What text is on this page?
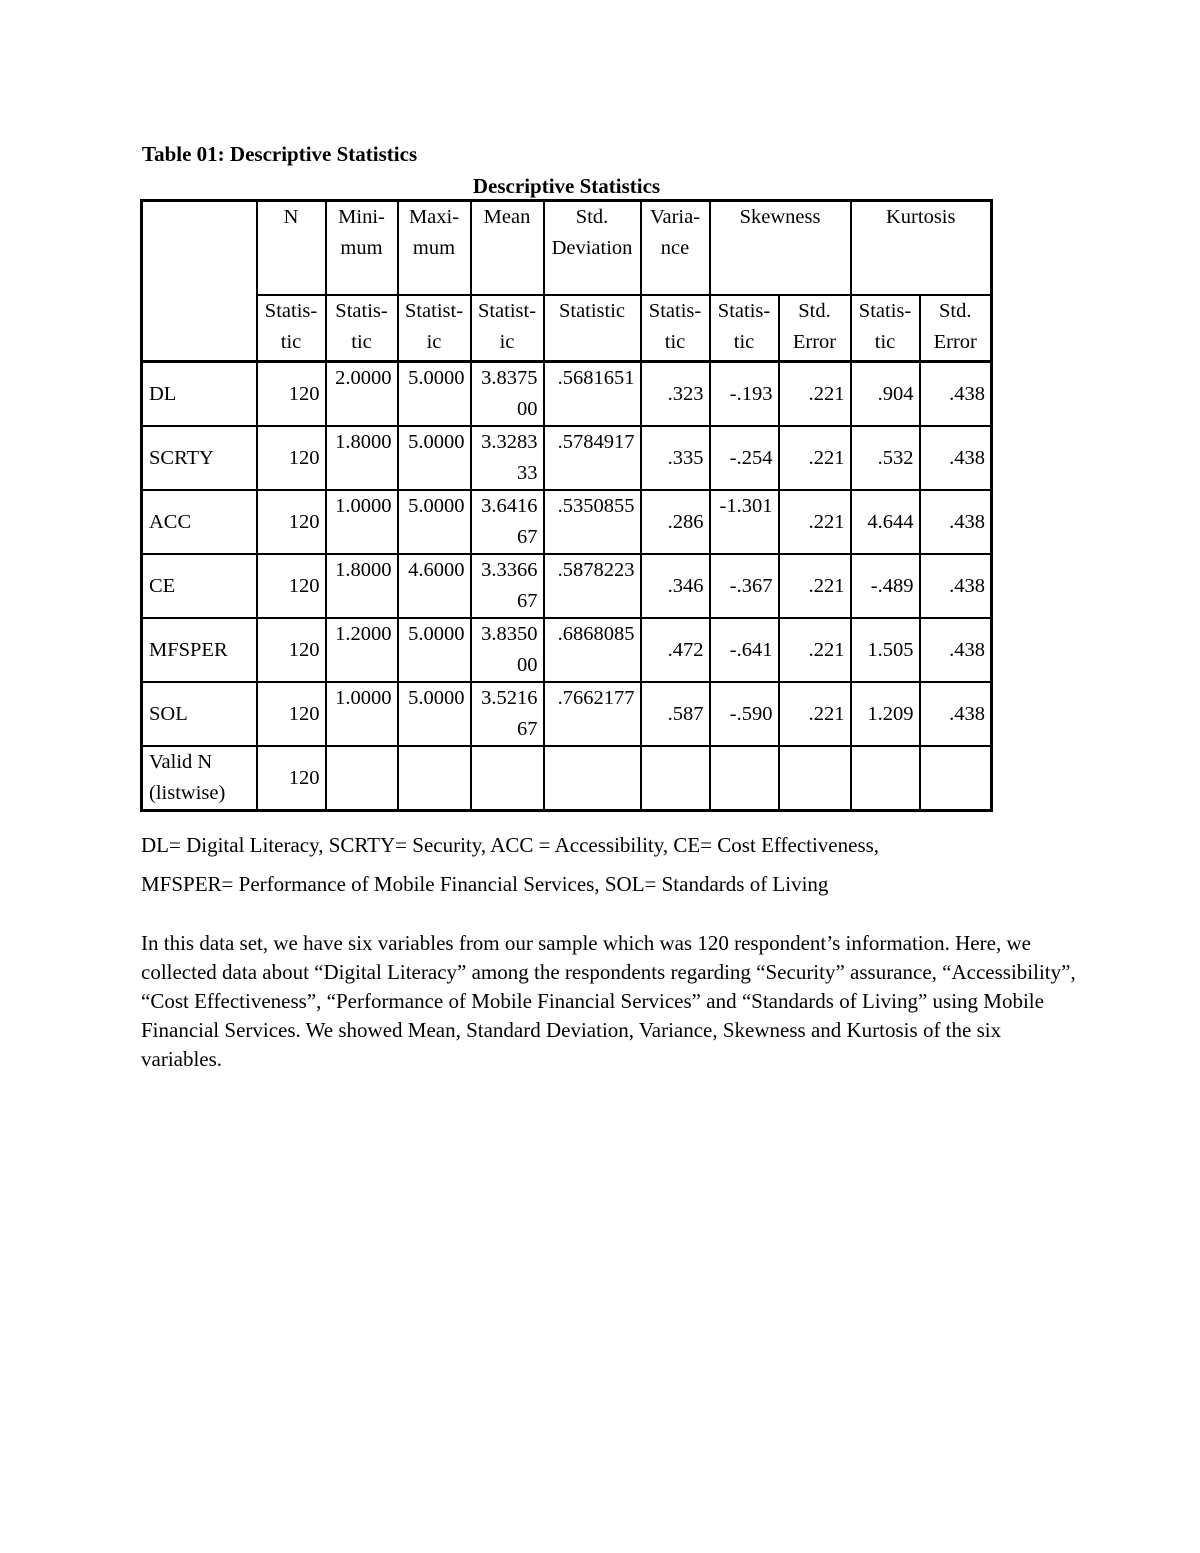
Table 01: Descriptive Statistics
Descriptive Statistics
	N	Minimum	Maximum	Mean	Std. Deviation	Variance	Skewness		Kurtosis	
	Statistic	Statistic	Statistic	Statistic	Statistic	Statistic	Statistic	Std. Error	Statistic	Std. Error
DL	120	2.0000	5.0000	3.837500	.5681651	.323	-.193	.221	.904	.438
SCRTY	120	1.8000	5.0000	3.328333	.5784917	.335	-.254	.221	.532	.438
ACC	120	1.0000	5.0000	3.641667	.5350855	.286	-1.301	.221	4.644	.438
CE	120	1.8000	4.6000	3.336667	.5878223	.346	-.367	.221	-.489	.438
MFSPER	120	1.2000	5.0000	3.835000	.6868085	.472	-.641	.221	1.505	.438
SOL	120	1.0000	5.0000	3.521667	.7662177	.587	-.590	.221	1.209	.438
Valid N (listwise)	120									
DL= Digital Literacy, SCRTY= Security, ACC = Accessibility, CE= Cost Effectiveness,
MFSPER= Performance of Mobile Financial Services, SOL= Standards of Living
In this data set, we have six variables from our sample which was 120 respondent’s information. Here, we collected data about “Digital Literacy” among the respondents regarding “Security” assurance, “Accessibility”, “Cost Effectiveness”, “Performance of Mobile Financial Services” and “Standards of Living” using Mobile Financial Services. We showed Mean, Standard Deviation, Variance, Skewness and Kurtosis of the six variables.
